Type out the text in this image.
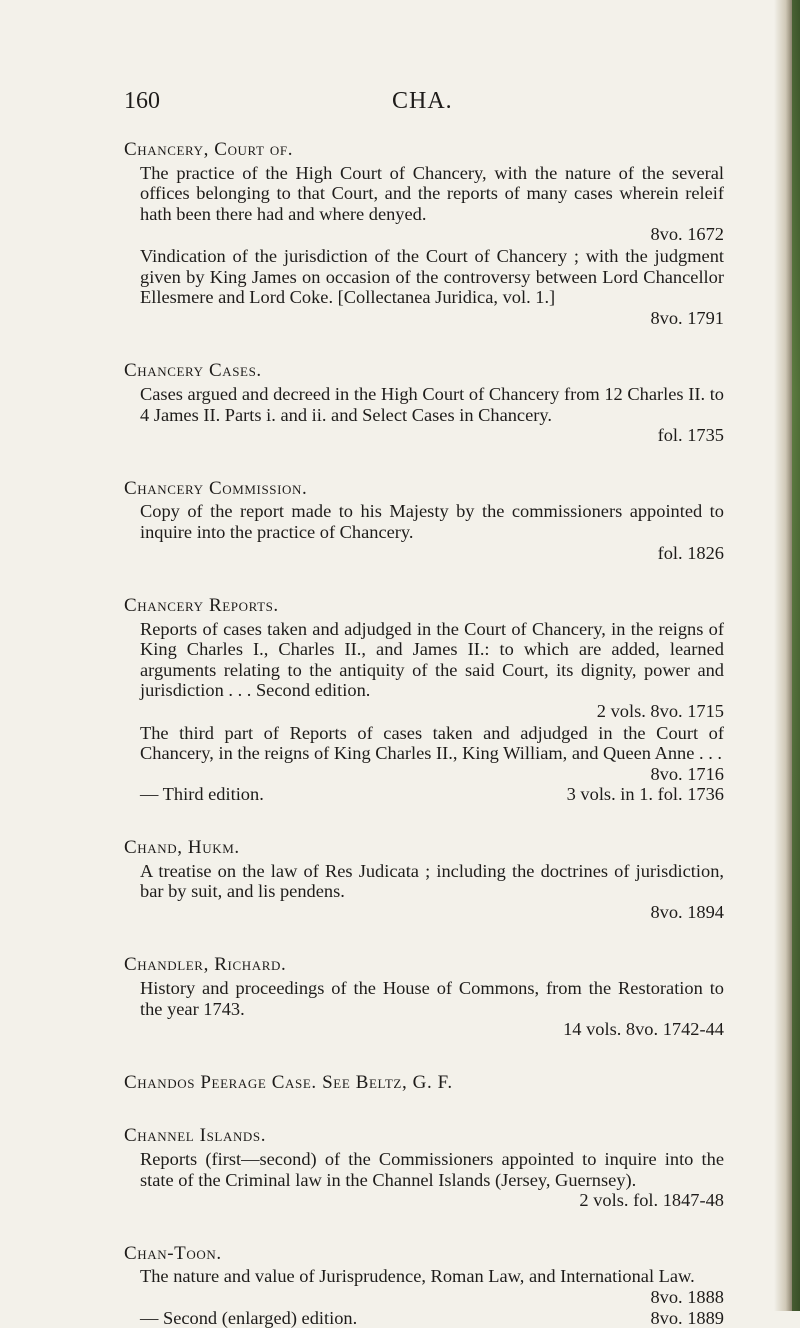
160	CHA.
Chancery, Court of.
The practice of the High Court of Chancery, with the nature of the several offices belonging to that Court, and the reports of many cases wherein releif hath been there had and where denyed.
8vo. 1672
Vindication of the jurisdiction of the Court of Chancery ; with the judgment given by King James on occasion of the controversy between Lord Chancellor Ellesmere and Lord Coke. [Collectanea Juridica, vol. 1.]
8vo. 1791
Chancery Cases.
Cases argued and decreed in the High Court of Chancery from 12 Charles II. to 4 James II. Parts i. and ii. and Select Cases in Chancery.
fol. 1735
Chancery Commission.
Copy of the report made to his Majesty by the commissioners appointed to inquire into the practice of Chancery.
fol. 1826
Chancery Reports.
Reports of cases taken and adjudged in the Court of Chancery, in the reigns of King Charles I., Charles II., and James II.: to which are added, learned arguments relating to the antiquity of the said Court, its dignity, power and jurisdiction . . . Second edition.
2 vols. 8vo. 1715
The third part of Reports of cases taken and adjudged in the Court of Chancery, in the reigns of King Charles II., King William, and Queen Anne . . .
8vo. 1716
— Third edition.	3 vols. in 1. fol. 1736
Chand, Hukm.
A treatise on the law of Res Judicata ; including the doctrines of jurisdiction, bar by suit, and lis pendens.
8vo. 1894
Chandler, Richard.
History and proceedings of the House of Commons, from the Restoration to the year 1743.
14 vols. 8vo. 1742-44
Chandos Peerage Case. See Beltz, G. F.
Channel Islands.
Reports (first—second) of the Commissioners appointed to inquire into the state of the Criminal law in the Channel Islands (Jersey, Guernsey).
2 vols. fol. 1847-48
Chan-Toon.
The nature and value of Jurisprudence, Roman Law, and International Law.
8vo. 1888
— Second (enlarged) edition.	8vo. 1889
